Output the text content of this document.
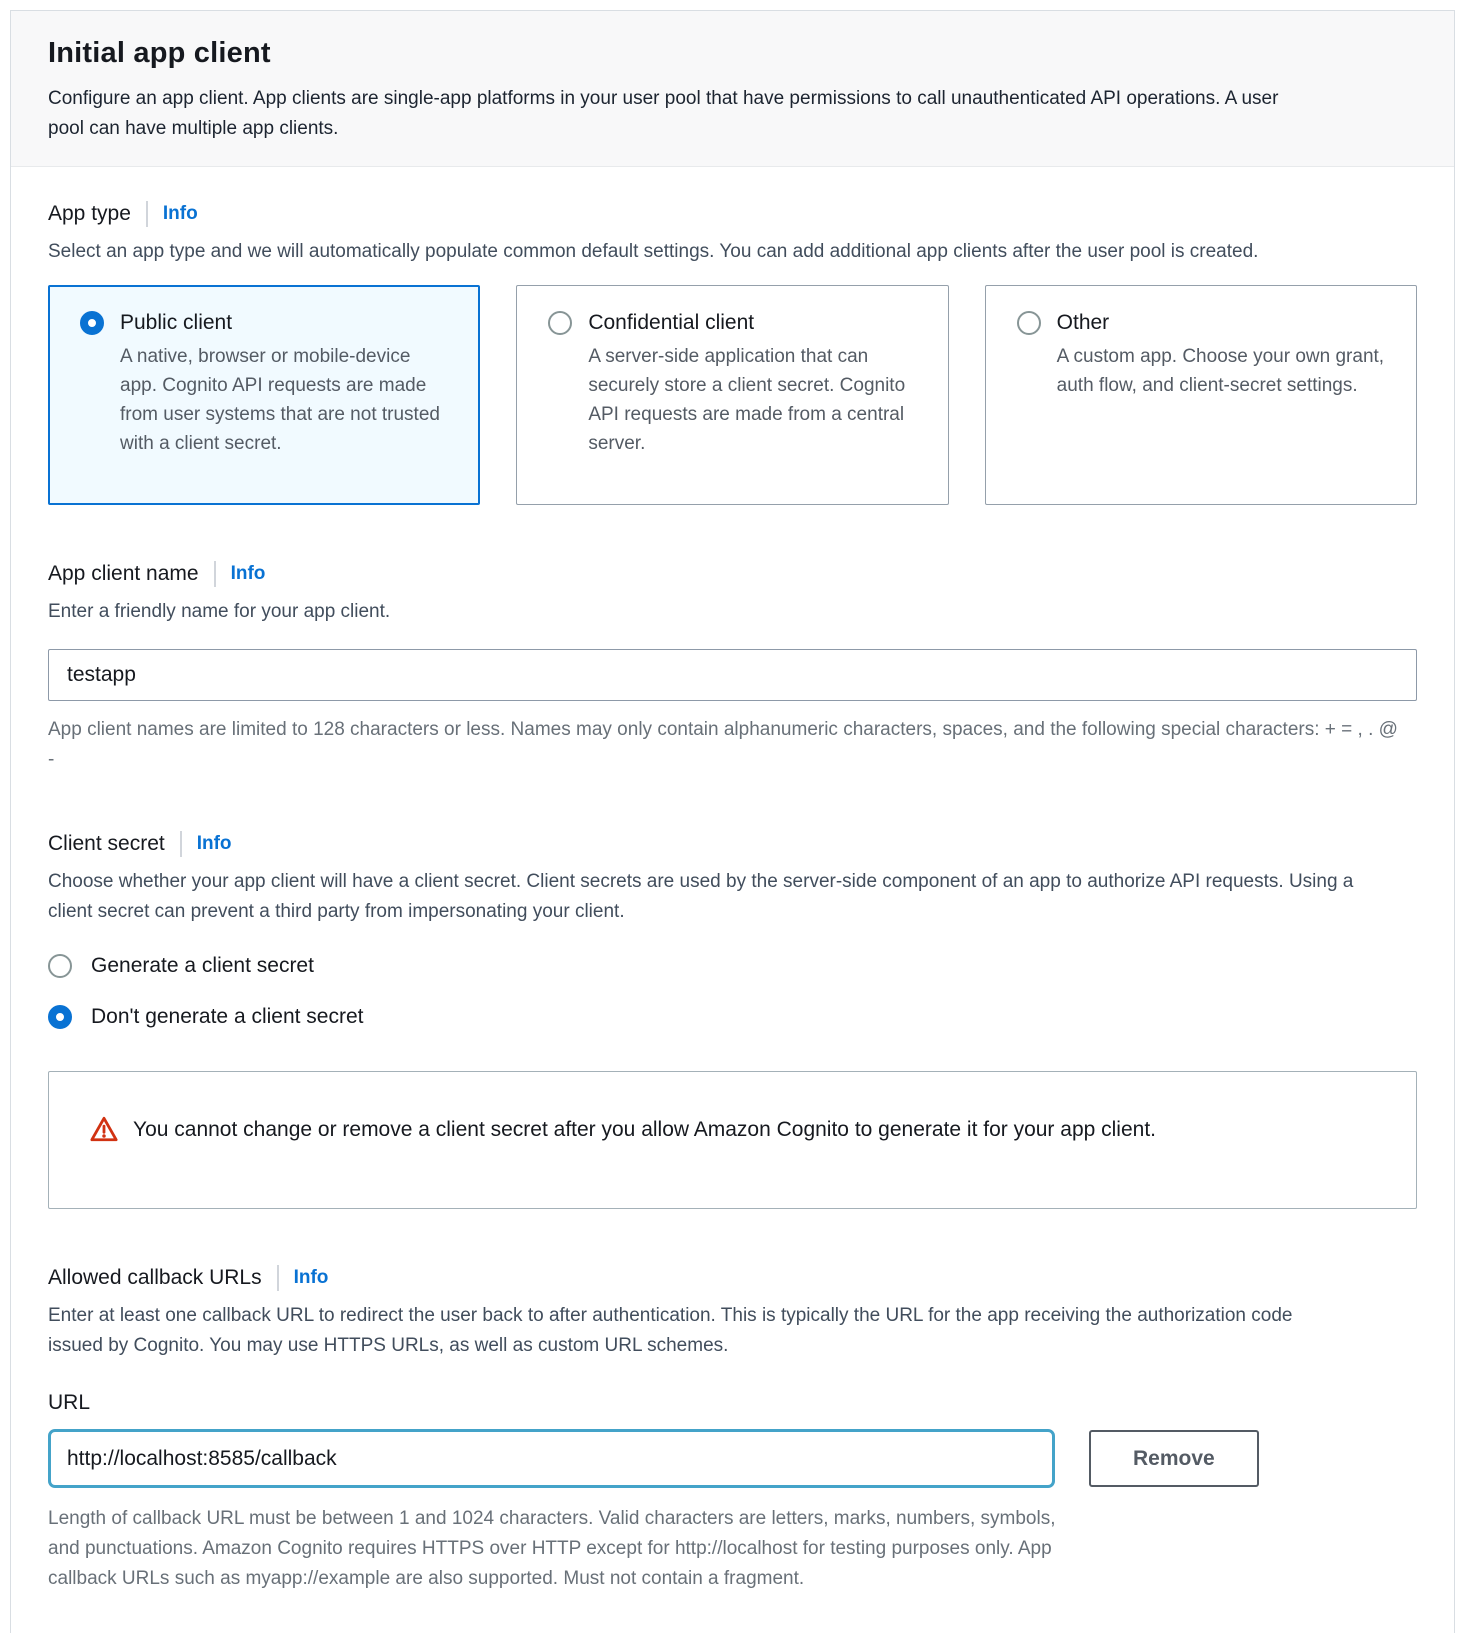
Initial app client

Configure an app client. App clients are single-app platforms in your user pool that have permissions to call unauthenticated API operations. A user pool can have multiple app clients.

App type Info

Select an app type and we will automatically populate common default settings. You can add additional app clients after the user pool is created.

Public client

A native, browser or mobile-device app. Cognito API requests are made from user systems that are not trusted with a client secret.

Confidential client

A server-side application that can securely store a client secret. Cognito API requests are made from a central server.

Other

A custom app. Choose your own grant, auth flow, and client-secret settings.

App client name Info

Enter a friendly name for your app client.

testapp

App client names are limited to 128 characters or less. Names may only contain alphanumeric characters, spaces, and the following special characters: + = , . @ -

Client secret Info

Choose whether your app client will have a client secret. Client secrets are used by the server-side component of an app to authorize API requests. Using a client secret can prevent a third party from impersonating your client.

Generate a client secret
Don't generate a client secret

You cannot change or remove a client secret after you allow Amazon Cognito to generate it for your app client.

Allowed callback URLs Info

Enter at least one callback URL to redirect the user back to after authentication. This is typically the URL for the app receiving the authorization code issued by Cognito. You may use HTTPS URLs, as well as custom URL schemes.

URL
http://localhost:8585/callback
Remove

Length of callback URL must be between 1 and 1024 characters. Valid characters are letters, marks, numbers, symbols, and punctuations. Amazon Cognito requires HTTPS over HTTP except for http://localhost for testing purposes only. App callback URLs such as myapp://example are also supported. Must not contain a fragment.
